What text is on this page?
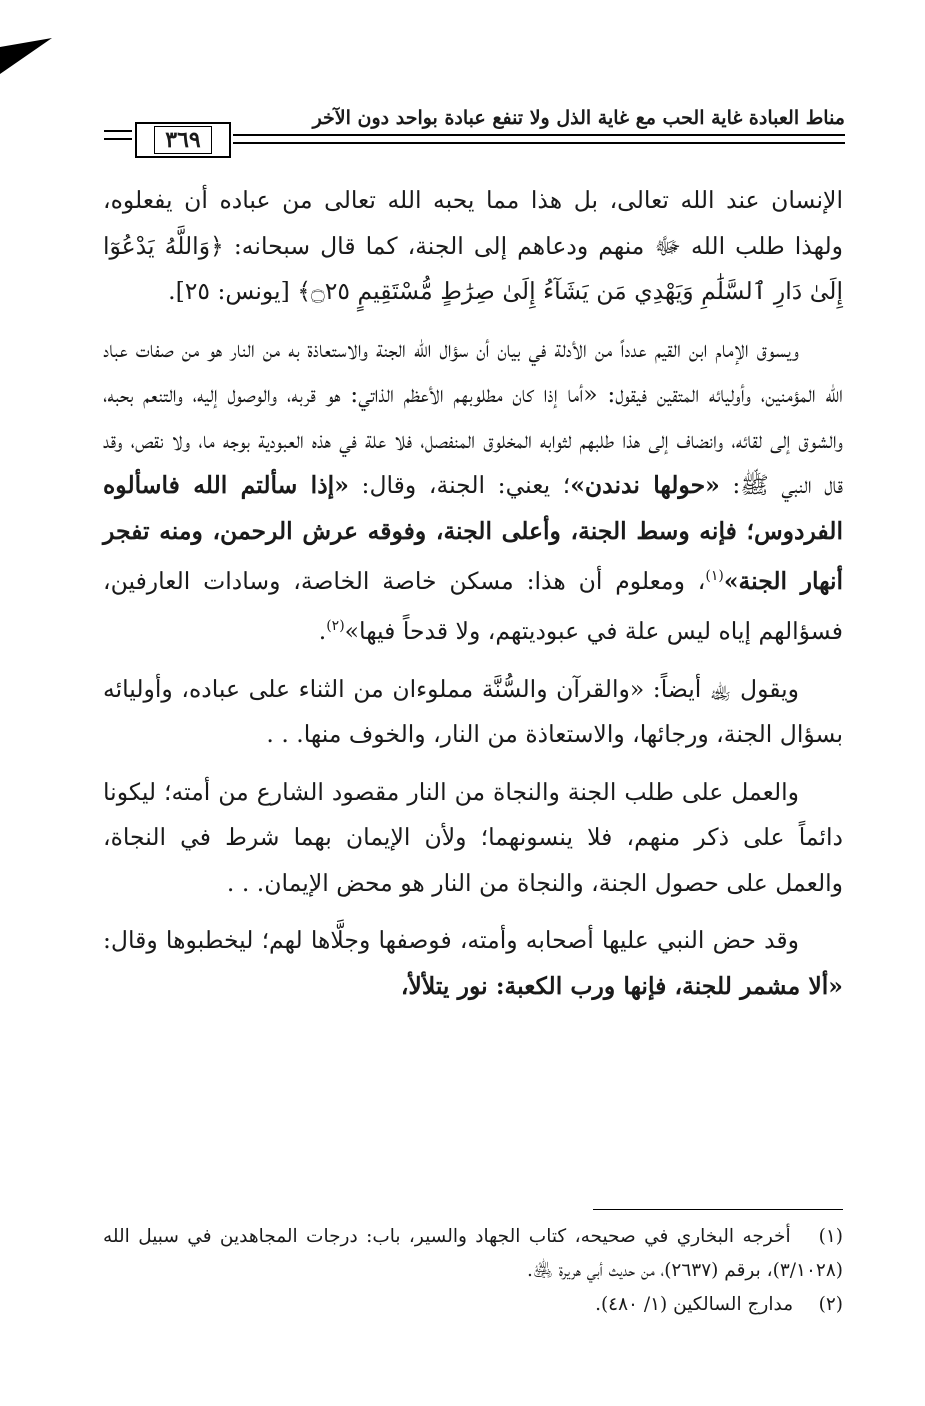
مناط العبادة غاية الحب مع غاية الذل ولا تنفع عبادة بواحد دون الآخر
٣٦٩

الإنسان عند الله تعالى، بل هذا مما يحبه الله تعالى من عباده أن يفعلوه، ولهذا طلب الله ﷻ منهم ودعاهم إلى الجنة، كما قال سبحانه: ﴿وَاللَّهُ يَدْعُوٓا إِلَىٰ دَارِ ٱلسَّلَٰمِ وَيَهْدِي مَن يَشَآءُ إِلَىٰ صِرَٰطٍ مُّسْتَقِيمٍ ۝٢٥﴾ [يونس: ٢٥].

ويسوق الإمام ابن القيم عدداً من الأدلة في بيان أن سؤال الله الجنة والاستعاذة به من النار هو من صفات عباد الله المؤمنين، وأوليائه المتقين فيقول: «أما إذا كان مطلوبهم الأعظم الذاتي: هو قربه، والوصول إليه، والتنعم بحبه، والشوق إلى لقائه، وانضاف إلى هذا طلبهم لثوابه المخلوق المنفصل، فلا علة في هذه العبودية بوجه ما، ولا نقص، وقد قال النبي ﷺ: «حولها ندندن»؛ يعني: الجنة، وقال: «إذا سألتم الله فاسألوه الفردوس؛ فإنه وسط الجنة، وأعلى الجنة، وفوقه عرش الرحمن، ومنه تفجر أنهار الجنة»$^{(١)}$، ومعلوم أن هذا: مسكن خاصة الخاصة، وسادات العارفين، فسؤالهم إياه ليس علة في عبوديتهم، ولا قدحاً فيها»$^{(٢)}$.

ويقول ﵀ أيضاً: «والقرآن والسُّنَّة مملوءان من الثناء على عباده، وأوليائه بسؤال الجنة، ورجائها، والاستعاذة من النار، والخوف منها. . .

والعمل على طلب الجنة والنجاة من النار مقصود الشارع من أمته؛ ليكونا دائماً على ذكر منهم، فلا ينسونهما؛ ولأن الإيمان بهما شرط في النجاة، والعمل على حصول الجنة، والنجاة من النار هو محض الإيمان. . .

وقد حض النبي عليها أصحابه وأمته، فوصفها وجلَّاها لهم؛ ليخطبوها وقال: «ألا مشمر للجنة، فإنها ورب الكعبة: نور يتلألأ،

(١) أخرجه البخاري في صحيحه، كتاب الجهاد والسير، باب: درجات المجاهدين في سبيل الله (٣/١٠٢٨)، برقم (٢٦٣٧)، من حديث أبي هريرة ﵁.

(٢) مدارج السالكين (١/ ٤٨٠).
